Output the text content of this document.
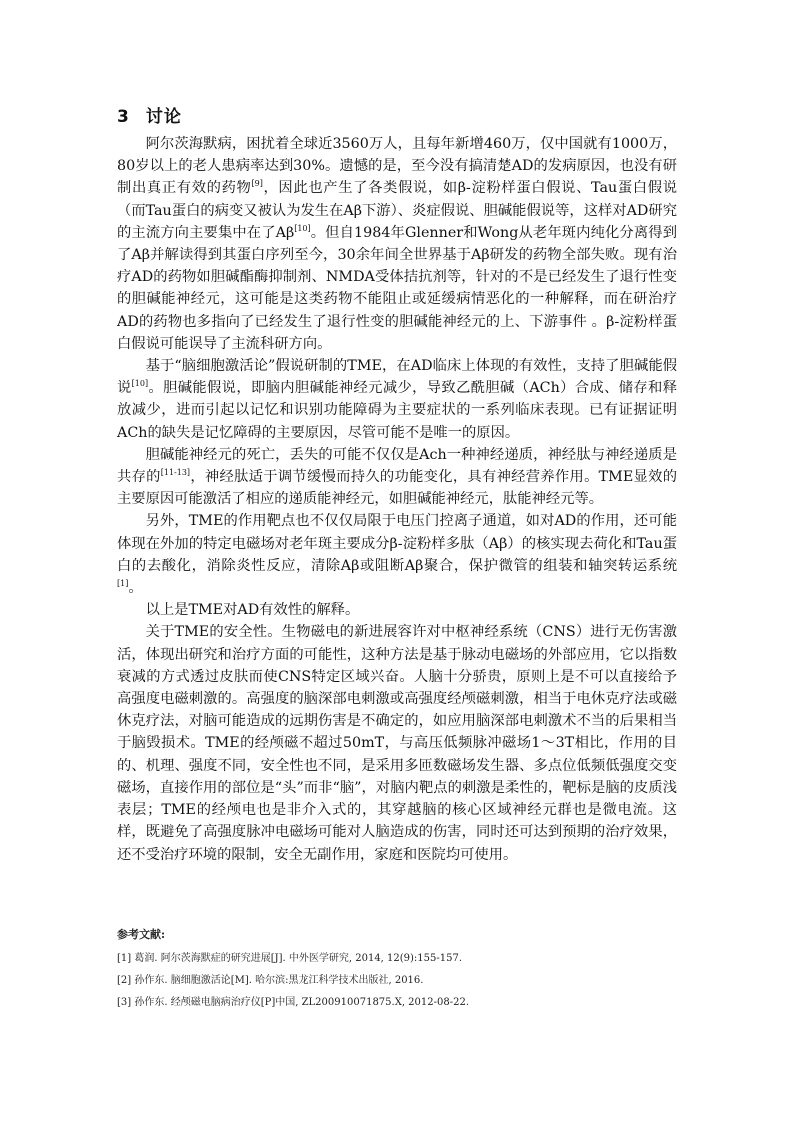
3 讨论

阿尔茨海默病，困扰着全球近3560万人，且每年新增460万，仅中国就有1000万，80岁以上的老人患病率达到30%。遗憾的是，至今没有搞清楚AD的发病原因，也没有研制出真正有效的药物[9]，因此也产生了各类假说，如β-淀粉样蛋白假说、Tau蛋白假说（而Tau蛋白的病变又被认为发生在Aβ下游）、炎症假说、胆碱能假说等，这样对AD研究的主流方向主要集中在了Aβ[10]。但自1984年Glenner和Wong从老年斑内纯化分离得到了Aβ并解读得到其蛋白序列至今，30余年间全世界基于Aβ研发的药物全部失败。现有治疗AD的药物如胆碱酯酶抑制剂、NMDA受体拮抗剂等，针对的不是已经发生了退行性变的胆碱能神经元，这可能是这类药物不能阻止或延缓病情恶化的一种解释，而在研治疗AD的药物也多指向了已经发生了退行性变的胆碱能神经元的上、下游事件 。β-淀粉样蛋白假说可能误导了主流科研方向。

基于“脑细胞激活论”假说研制的TME，在AD临床上体现的有效性，支持了胆碱能假说[10]。胆碱能假说，即脑内胆碱能神经元减少，导致乙酰胆碱（ACh）合成、储存和释放减少，进而引起以记忆和识别功能障碍为主要症状的一系列临床表现。已有证据证明ACh的缺失是记忆障碍的主要原因，尽管可能不是唯一的原因。

胆碱能神经元的死亡，丢失的可能不仅仅是Ach一种神经递质，神经肽与神经递质是共存的[11-13]，神经肽适于调节缓慢而持久的功能变化，具有神经营养作用。TME显效的主要原因可能激活了相应的递质能神经元，如胆碱能神经元，肽能神经元等。

另外，TME的作用靶点也不仅仅局限于电压门控离子通道，如对AD的作用，还可能体现在外加的特定电磁场对老年斑主要成分β-淀粉样多肽（Aβ）的核实现去荷化和Tau蛋白的去酸化，消除炎性反应，清除Aβ或阻断Aβ聚合，保护微管的组装和轴突转运系统[1]。

以上是TME对AD有效性的解释。

关于TME的安全性。生物磁电的新进展容许对中枢神经系统（CNS）进行无伤害激活，体现出研究和治疗方面的可能性，这种方法是基于脉动电磁场的外部应用，它以指数衰减的方式透过皮肤而使CNS特定区域兴奋。人脑十分骄贵，原则上是不可以直接给予高强度电磁刺激的。高强度的脑深部电刺激或高强度经颅磁刺激，相当于电休克疗法或磁休克疗法，对脑可能造成的远期伤害是不确定的，如应用脑深部电刺激术不当的后果相当于脑毁损术。TME的经颅磁不超过50mT，与高压低频脉冲磁场1～3T相比，作用的目的、机理、强度不同，安全性也不同，是采用多匝数磁场发生器、多点位低频低强度交变磁场，直接作用的部位是“头”而非“脑”，对脑内靶点的刺激是柔性的，靶标是脑的皮质浅表层；TME的经颅电也是非介入式的，其穿越脑的核心区域神经元群也是微电流。这样，既避免了高强度脉冲电磁场可能对人脑造成的伤害，同时还可达到预期的治疗效果，还不受治疗环境的限制，安全无副作用，家庭和医院均可使用。

参考文献:
[1] 葛润. 阿尔茨海默症的研究进展[J]. 中外医学研究, 2014, 12(9):155-157.
[2] 孙作东. 脑细胞激活论[M]. 哈尔滨:黑龙江科学技术出版社, 2016.
[3] 孙作东. 经颅磁电脑病治疗仪[P]中国, ZL200910071875.X, 2012-08-22.
